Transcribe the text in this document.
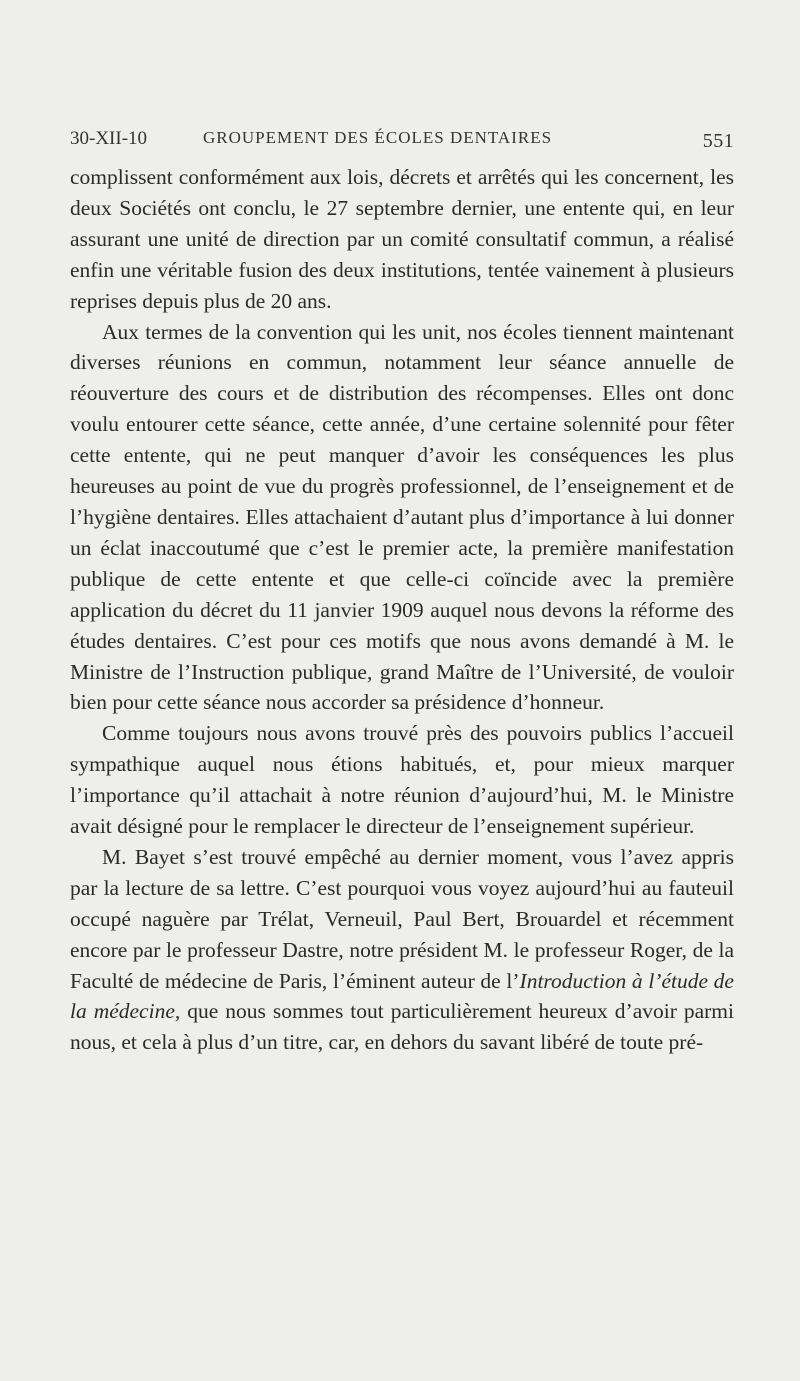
30-XII-10	GROUPEMENT DES ÉCOLES DENTAIRES	551

complissent conformément aux lois, décrets et arrêtés qui les concernent, les deux Sociétés ont conclu, le 27 septembre dernier, une entente qui, en leur assurant une unité de direction par un comité consultatif commun, a réalisé enfin une véritable fusion des deux institutions, tentée vainement à plusieurs reprises depuis plus de 20 ans.

Aux termes de la convention qui les unit, nos écoles tiennent maintenant diverses réunions en commun, notamment leur séance annuelle de réouverture des cours et de distribution des récompenses. Elles ont donc voulu entourer cette séance, cette année, d’une certaine solennité pour fêter cette entente, qui ne peut manquer d’avoir les conséquences les plus heureuses au point de vue du progrès professionnel, de l’enseignement et de l’hygiène dentaires. Elles attachaient d’autant plus d’importance à lui donner un éclat inaccoutumé que c’est le premier acte, la première manifestation publique de cette entente et que celle-ci coïncide avec la première application du décret du 11 janvier 1909 auquel nous devons la réforme des études dentaires. C’est pour ces motifs que nous avons demandé à M. le Ministre de l’Instruction publique, grand Maître de l’Université, de vouloir bien pour cette séance nous accorder sa présidence d’honneur.

Comme toujours nous avons trouvé près des pouvoirs publics l’accueil sympathique auquel nous étions habitués, et, pour mieux marquer l’importance qu’il attachait à notre réunion d’aujourd’hui, M. le Ministre avait désigné pour le remplacer le directeur de l’enseignement supérieur.

M. Bayet s’est trouvé empêché au dernier moment, vous l’avez appris par la lecture de sa lettre. C’est pourquoi vous voyez aujourd’hui au fauteuil occupé naguère par Trélat, Verneuil, Paul Bert, Brouardel et récemment encore par le professeur Dastre, notre président M. le professeur Roger, de la Faculté de médecine de Paris, l’éminent auteur de l’Introduction à l’étude de la médecine, que nous sommes tout particulièrement heureux d’avoir parmi nous, et cela à plus d’un titre, car, en dehors du savant libéré de toute pré-
